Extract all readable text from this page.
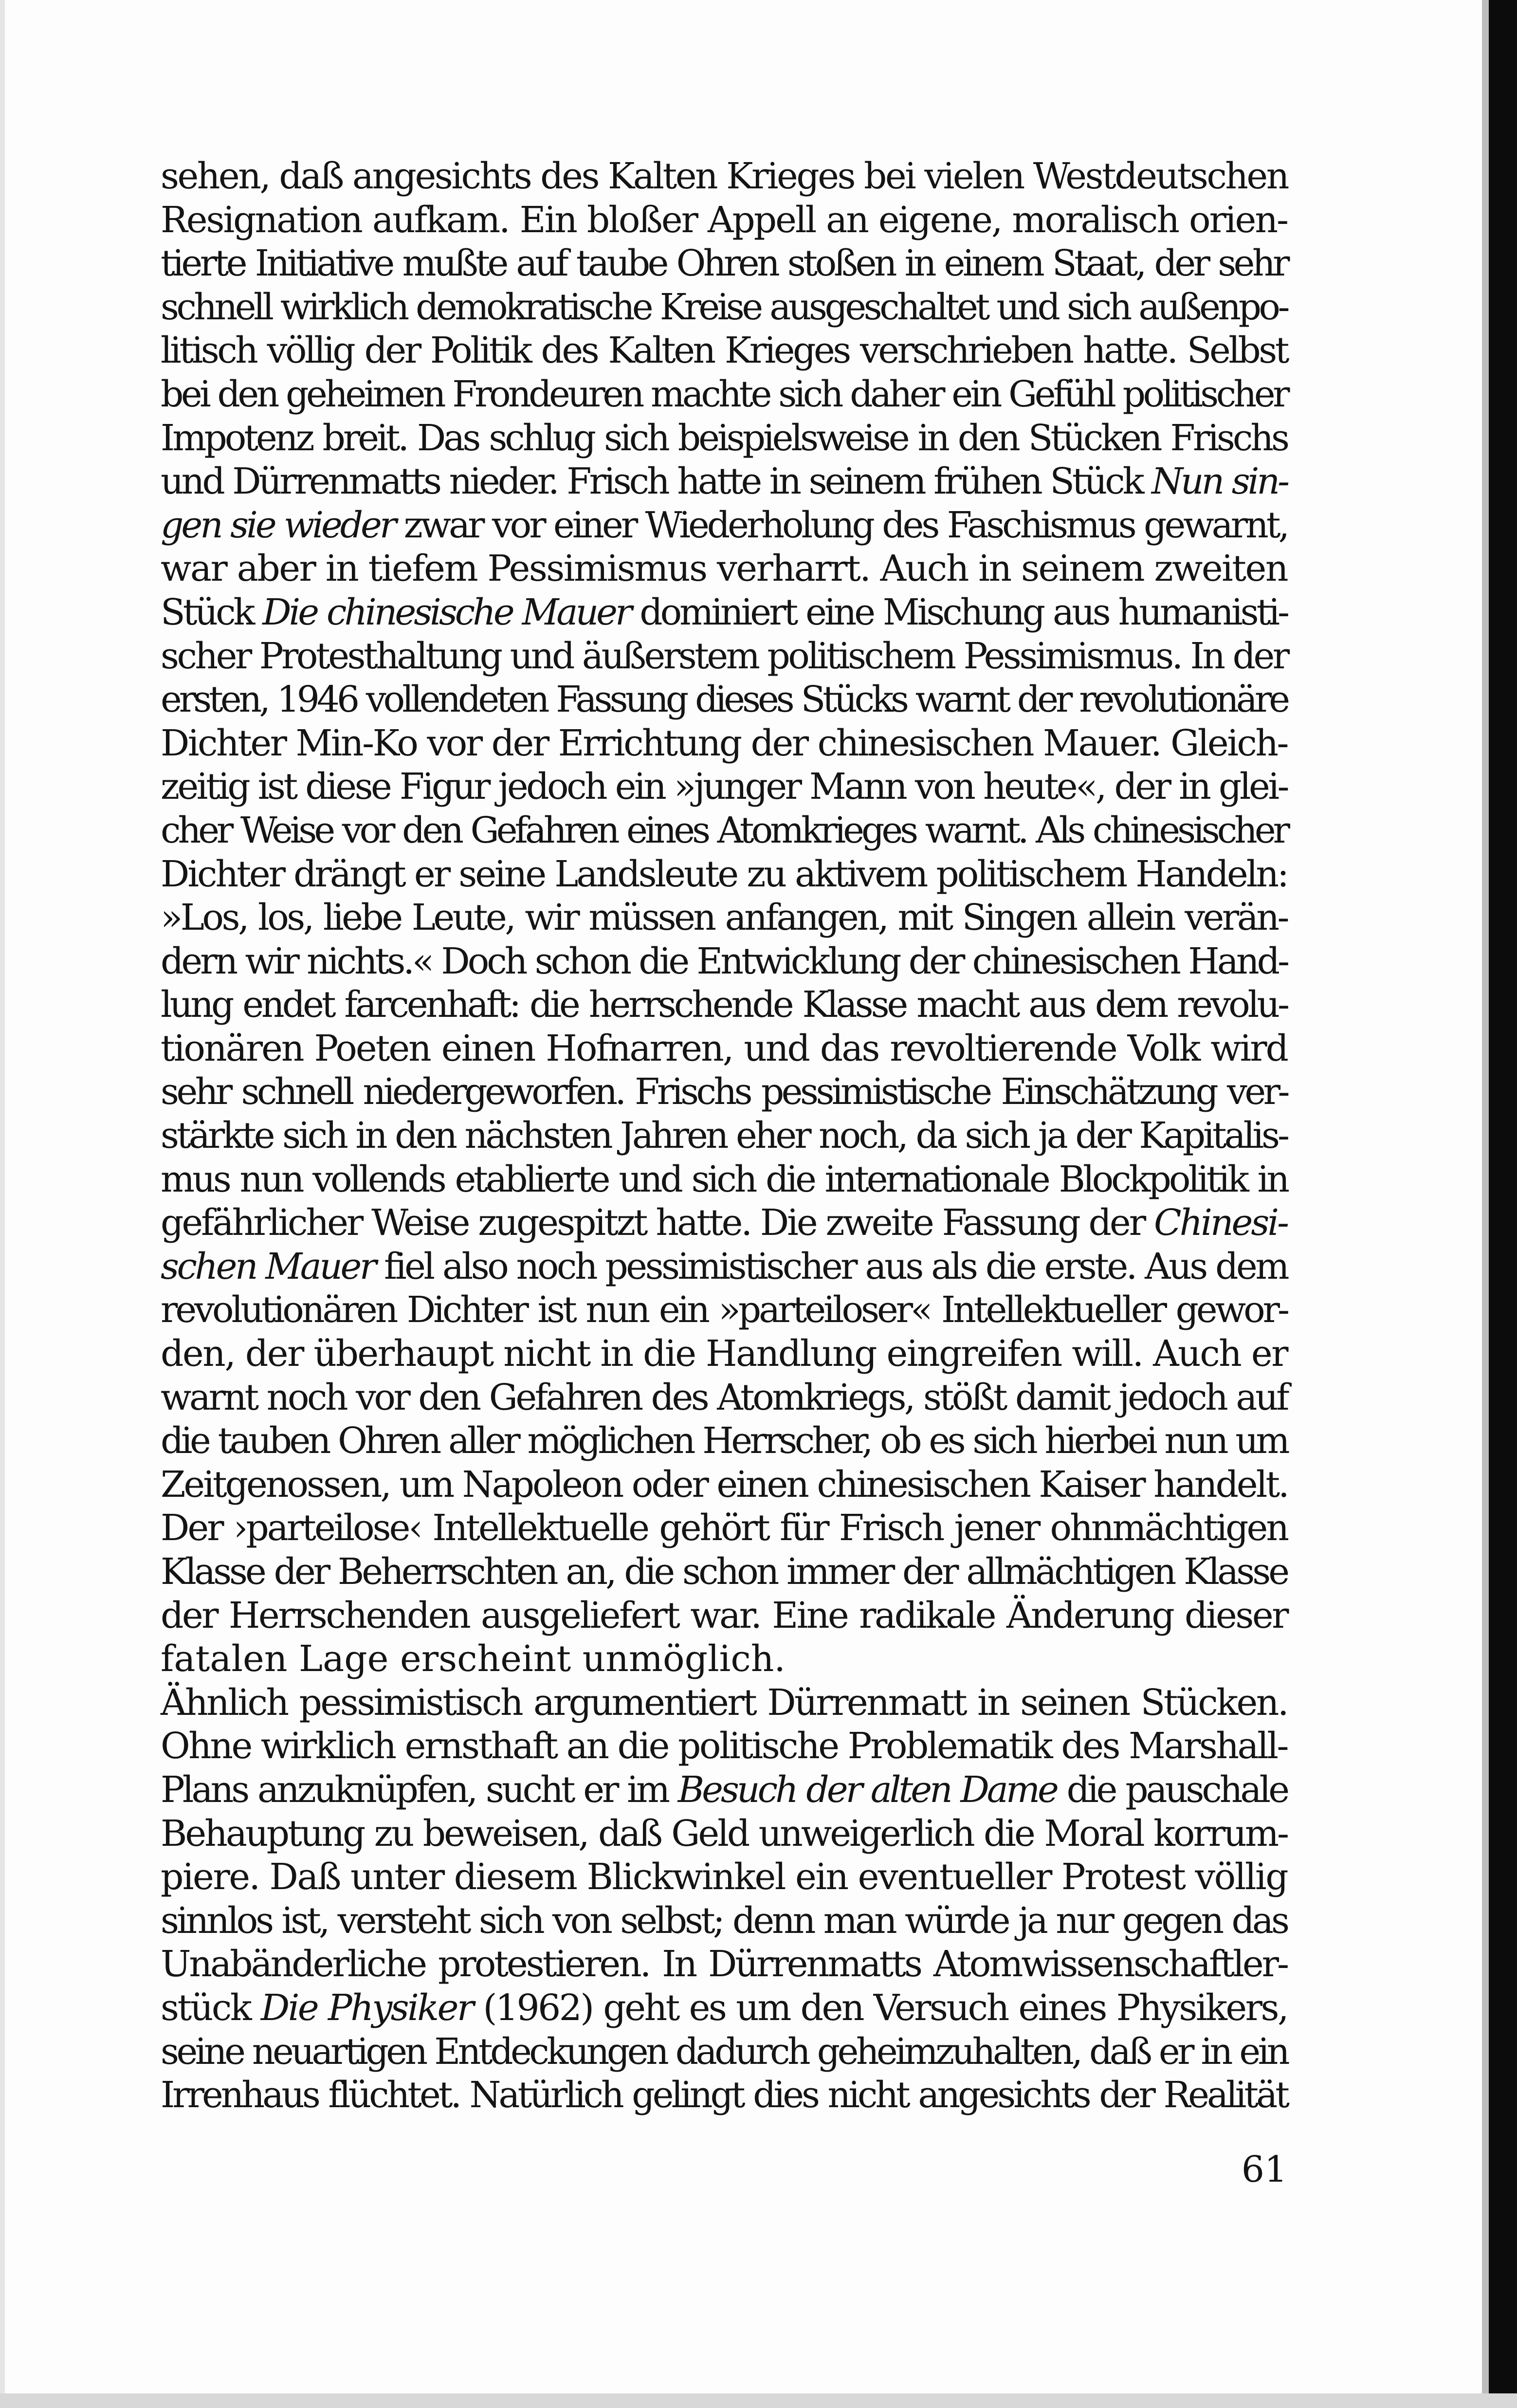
sehen, daß angesichts des Kalten Krieges bei vielen Westdeutschen
Resignation aufkam. Ein bloßer Appell an eigene, moralisch orien-
tierte Initiative mußte auf taube Ohren stoßen in einem Staat, der sehr
schnell wirklich demokratische Kreise ausgeschaltet und sich außenpo-
litisch völlig der Politik des Kalten Krieges verschrieben hatte. Selbst
bei den geheimen Frondeuren machte sich daher ein Gefühl politischer
Impotenz breit. Das schlug sich beispielsweise in den Stücken Frischs
und Dürrenmatts nieder. Frisch hatte in seinem frühen Stück Nun sin-
gen sie wieder zwar vor einer Wiederholung des Faschismus gewarnt,
war aber in tiefem Pessimismus verharrt. Auch in seinem zweiten
Stück Die chinesische Mauer dominiert eine Mischung aus humanisti-
scher Protesthaltung und äußerstem politischem Pessimismus. In der
ersten, 1946 vollendeten Fassung dieses Stücks warnt der revolutionäre
Dichter Min-Ko vor der Errichtung der chinesischen Mauer. Gleich-
zeitig ist diese Figur jedoch ein »junger Mann von heute«, der in glei-
cher Weise vor den Gefahren eines Atomkrieges warnt. Als chinesischer
Dichter drängt er seine Landsleute zu aktivem politischem Handeln:
»Los, los, liebe Leute, wir müssen anfangen, mit Singen allein verän-
dern wir nichts.« Doch schon die Entwicklung der chinesischen Hand-
lung endet farcenhaft: die herrschende Klasse macht aus dem revolu-
tionären Poeten einen Hofnarren, und das revoltierende Volk wird
sehr schnell niedergeworfen. Frischs pessimistische Einschätzung ver-
stärkte sich in den nächsten Jahren eher noch, da sich ja der Kapitalis-
mus nun vollends etablierte und sich die internationale Blockpolitik in
gefährlicher Weise zugespitzt hatte. Die zweite Fassung der Chinesi-
schen Mauer fiel also noch pessimistischer aus als die erste. Aus dem
revolutionären Dichter ist nun ein »parteiloser« Intellektueller gewor-
den, der überhaupt nicht in die Handlung eingreifen will. Auch er
warnt noch vor den Gefahren des Atomkriegs, stößt damit jedoch auf
die tauben Ohren aller möglichen Herrscher, ob es sich hierbei nun um
Zeitgenossen, um Napoleon oder einen chinesischen Kaiser handelt.
Der ›parteilose‹ Intellektuelle gehört für Frisch jener ohnmächtigen
Klasse der Beherrschten an, die schon immer der allmächtigen Klasse
der Herrschenden ausgeliefert war. Eine radikale Änderung dieser
fatalen Lage erscheint unmöglich.
Ähnlich pessimistisch argumentiert Dürrenmatt in seinen Stücken.
Ohne wirklich ernsthaft an die politische Problematik des Marshall-
Plans anzuknüpfen, sucht er im Besuch der alten Dame die pauschale
Behauptung zu beweisen, daß Geld unweigerlich die Moral korrum-
piere. Daß unter diesem Blickwinkel ein eventueller Protest völlig
sinnlos ist, versteht sich von selbst; denn man würde ja nur gegen das
Unabänderliche protestieren. In Dürrenmatts Atomwissenschaftler-
stück Die Physiker (1962) geht es um den Versuch eines Physikers,
seine neuartigen Entdeckungen dadurch geheimzuhalten, daß er in ein
Irrenhaus flüchtet. Natürlich gelingt dies nicht angesichts der Realität
61
